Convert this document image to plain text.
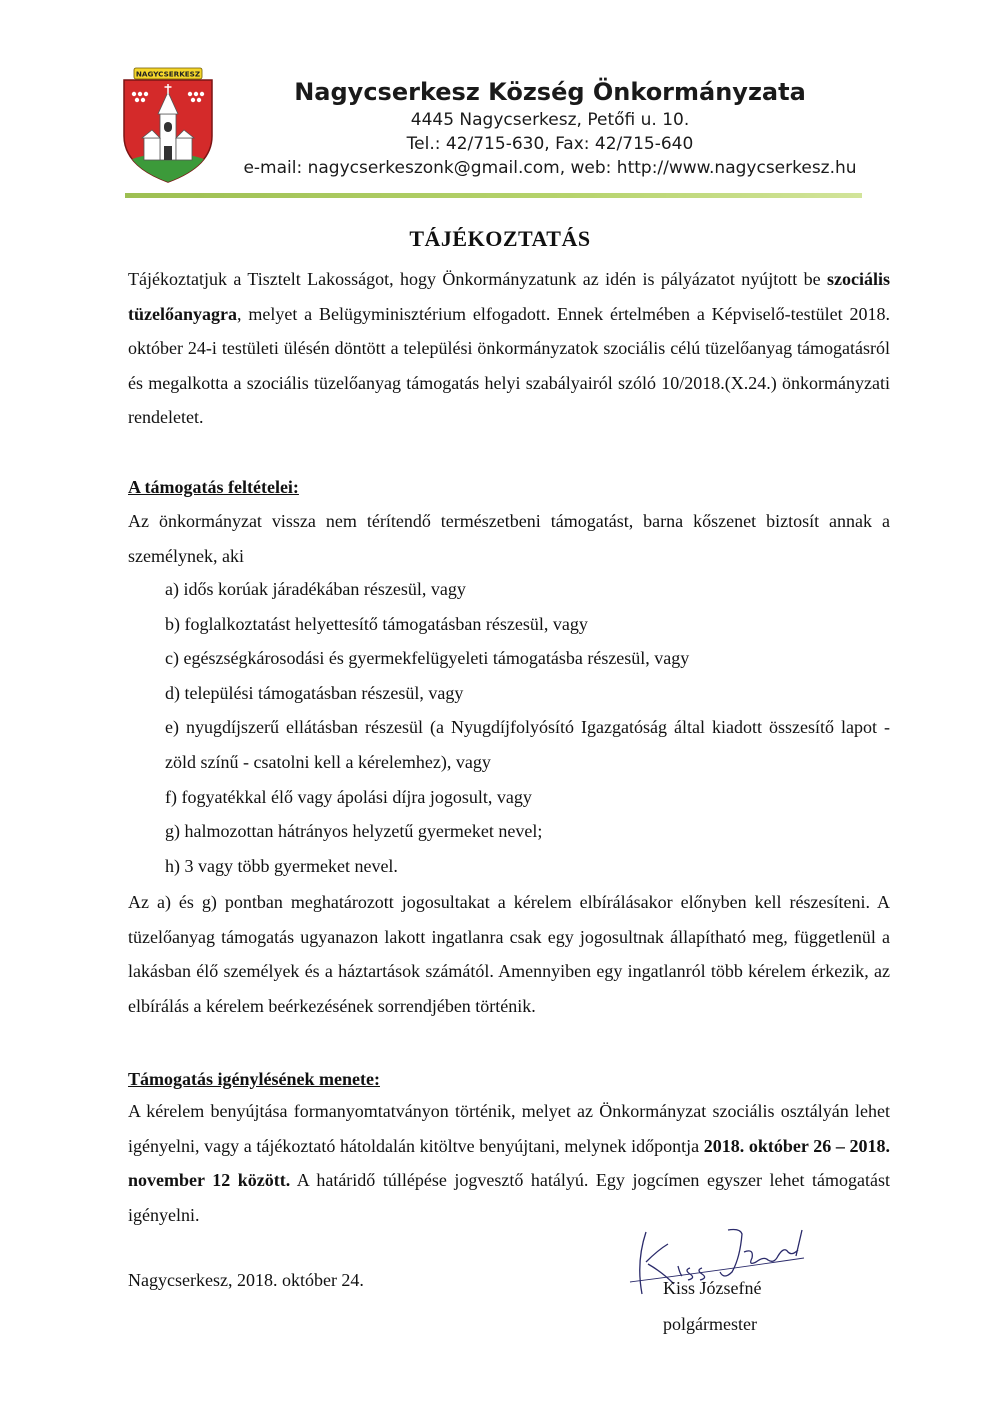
NAGYCSERKESZ
Nagycserkesz Község Önkormányzata
4445 Nagycserkesz, Petőfi u. 10.
Tel.: 42/715-630, Fax: 42/715-640
e-mail: nagycserkeszonk@gmail.com, web: http://www.nagycserkesz.hu
TÁJÉKOZTATÁS
Tájékoztatjuk a Tisztelt Lakosságot, hogy Önkormányzatunk az idén is pályázatot nyújtott be szociális tüzelőanyagra, melyet a Belügyminisztérium elfogadott. Ennek értelmében a Képviselő-testület 2018. október 24-i testületi ülésén döntött a települési önkormányzatok szociális célú tüzelőanyag támogatásról és megalkotta a szociális tüzelőanyag támogatás helyi szabályairól szóló 10/2018.(X.24.) önkormányzati rendeletet.
A támogatás feltételei:
Az önkormányzat vissza nem térítendő természetbeni támogatást, barna kőszenet biztosít annak a személynek, aki
a) idős korúak járadékában részesül, vagy
b) foglalkoztatást helyettesítő támogatásban részesül, vagy
c) egészségkárosodási és gyermekfelügyeleti támogatásba részesül, vagy
d) települési támogatásban részesül, vagy
e) nyugdíjszerű ellátásban részesül (a Nyugdíjfolyósító Igazgatóság által kiadott összesítő lapot - zöld színű - csatolni kell a kérelemhez), vagy
f) fogyatékkal élő vagy ápolási díjra jogosult, vagy
g) halmozottan hátrányos helyzetű gyermeket nevel;
h) 3 vagy több gyermeket nevel.
Az a) és g) pontban meghatározott jogosultakat a kérelem elbírálásakor előnyben kell részesíteni. A tüzelőanyag támogatás ugyanazon lakott ingatlanra csak egy jogosultnak állapítható meg, függetlenül a lakásban élő személyek és a háztartások számától. Amennyiben egy ingatlanról több kérelem érkezik, az elbírálás a kérelem beérkezésének sorrendjében történik.
Támogatás igénylésének menete:
A kérelem benyújtása formanyomtatványon történik, melyet az Önkormányzat szociális osztályán lehet igényelni, vagy a tájékoztató hátoldalán kitöltve benyújtani, melynek időpontja 2018. október 26 – 2018. november 12 között. A határidő túllépése jogvesztő hatályú. Egy jogcímen egyszer lehet támogatást igényelni.
Nagycserkesz, 2018. október 24.	Kiss Józsefné
polgármester
